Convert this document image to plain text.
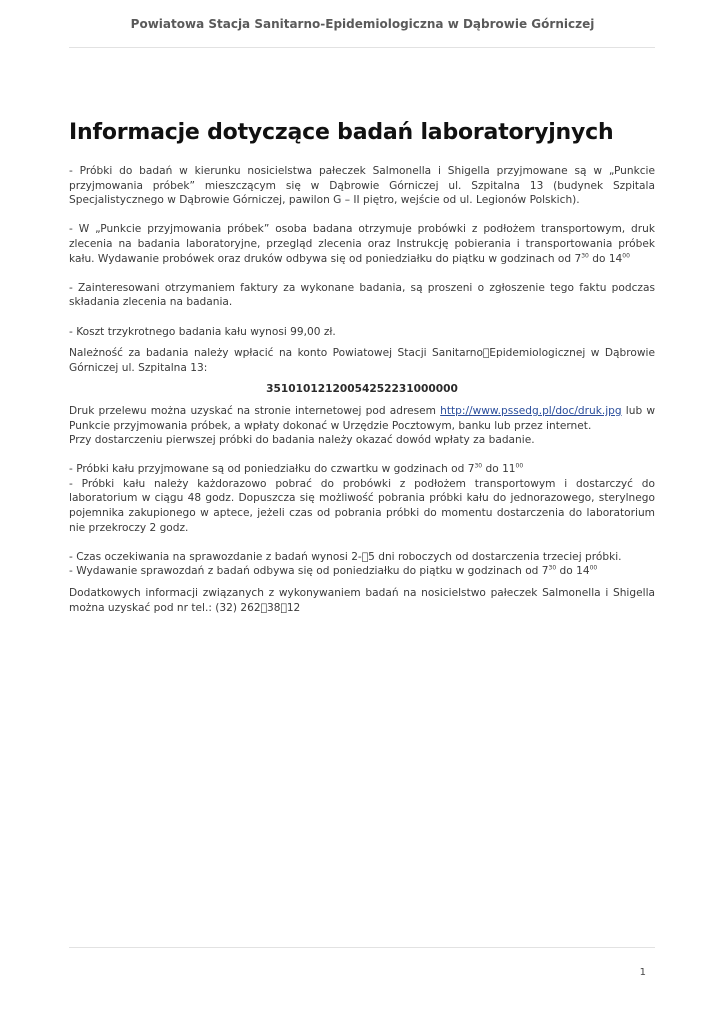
Powiatowa Stacja Sanitarno-Epidemiologiczna w Dąbrowie Górniczej
Informacje dotyczące badań laboratoryjnych

- Próbki do badań w kierunku nosicielstwa pałeczek Salmonella i Shigella przyjmowane są w „Punkcie przyjmowania próbek” mieszczącym się w Dąbrowie Górniczej ul. Szpitalna 13 (budynek Szpitala Specjalistycznego w Dąbrowie Górniczej, pawilon G – II piętro, wejście od ul. Legionów Polskich).

- W „Punkcie przyjmowania próbek” osoba badana otrzymuje probówki z podłożem transportowym, druk zlecenia na badania laboratoryjne, przegląd zlecenia oraz Instrukcję pobierania i transportowania próbek kału. Wydawanie probówek oraz druków odbywa się od poniedziałku do piątku w godzinach od $7^{30}$ do $14^{00}$

- Zainteresowani otrzymaniem faktury za wykonane badania, są proszeni o zgłoszenie tego faktu podczas składania zlecenia na badania.

- Koszt trzykrotnego badania kału wynosi 99,00 zł.

Należność za badania należy wpłacić na konto Powiatowej Stacji Sanitarno Epidemiologicznej w Dąbrowie Górniczej ul. Szpitalna 13:

35101012120054252231000000

Druk przelewu można uzyskać na stronie internetowej pod adresem http://www.pssedg.pl/doc/druk.jpg lub w Punkcie przyjmowania próbek, a wpłaty dokonać w Urzędzie Pocztowym, banku lub przez internet.

Przy dostarczeniu pierwszej próbki do badania należy okazać dowód wpłaty za badanie.

- Próbki kału przyjmowane są od poniedziałku do czwartku w godzinach od $7^{30}$ do $11^{00}$

- Próbki kału należy każdorazowo pobrać do probówki z podłożem transportowym i dostarczyć do laboratorium w ciągu 48 godz. Dopuszcza się możliwość pobrania próbki kału do jednorazowego, sterylnego pojemnika zakupionego w aptece, jeżeli czas od pobrania próbki do momentu dostarczenia do laboratorium nie przekroczy 2 godz.

- Czas oczekiwania na sprawozdanie z badań wynosi 2- 5 dni roboczych od dostarczenia trzeciej próbki.

- Wydawanie sprawozdań z badań odbywa się od poniedziałku do piątku w godzinach od $7^{30}$ do $14^{00}$

Dodatkowych informacji związanych z wykonywaniem badań na nosicielstwo pałeczek Salmonella i Shigella można uzyskać pod nr tel.: (32) 262 38 12

1
